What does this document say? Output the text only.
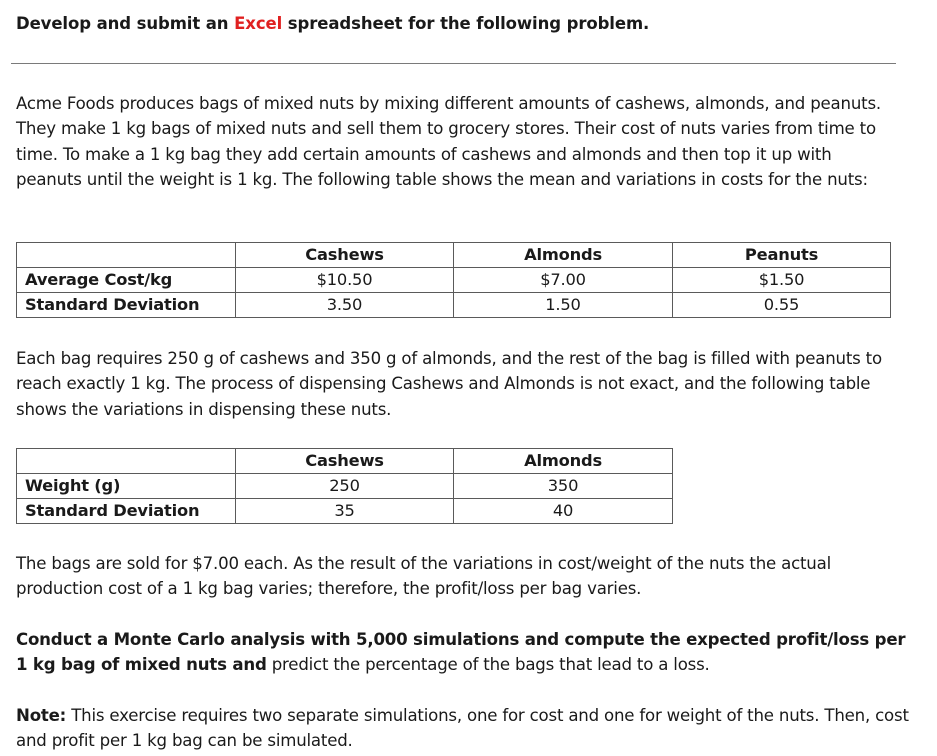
Develop and submit an Excel spreadsheet for the following problem.
Acme Foods produces bags of mixed nuts by mixing different amounts of cashews, almonds, and peanuts. They make 1 kg bags of mixed nuts and sell them to grocery stores. Their cost of nuts varies from time to time. To make a 1 kg bag they add certain amounts of cashews and almonds and then top it up with peanuts until the weight is 1 kg. The following table shows the mean and variations in costs for the nuts:
	Cashews	Almonds	Peanuts
Average Cost/kg	$10.50	$7.00	$1.50
Standard Deviation	3.50	1.50	0.55
Each bag requires 250 g of cashews and 350 g of almonds, and the rest of the bag is filled with peanuts to reach exactly 1 kg. The process of dispensing Cashews and Almonds is not exact, and the following table shows the variations in dispensing these nuts.
	Cashews	Almonds
Weight (g)	250	350
Standard Deviation	35	40
The bags are sold for $7.00 each. As the result of the variations in cost/weight of the nuts the actual production cost of a 1 kg bag varies; therefore, the profit/loss per bag varies.
Conduct a Monte Carlo analysis with 5,000 simulations and compute the expected profit/loss per 1 kg bag of mixed nuts and predict the percentage of the bags that lead to a loss.
Note: This exercise requires two separate simulations, one for cost and one for weight of the nuts. Then, cost and profit per 1 kg bag can be simulated.
